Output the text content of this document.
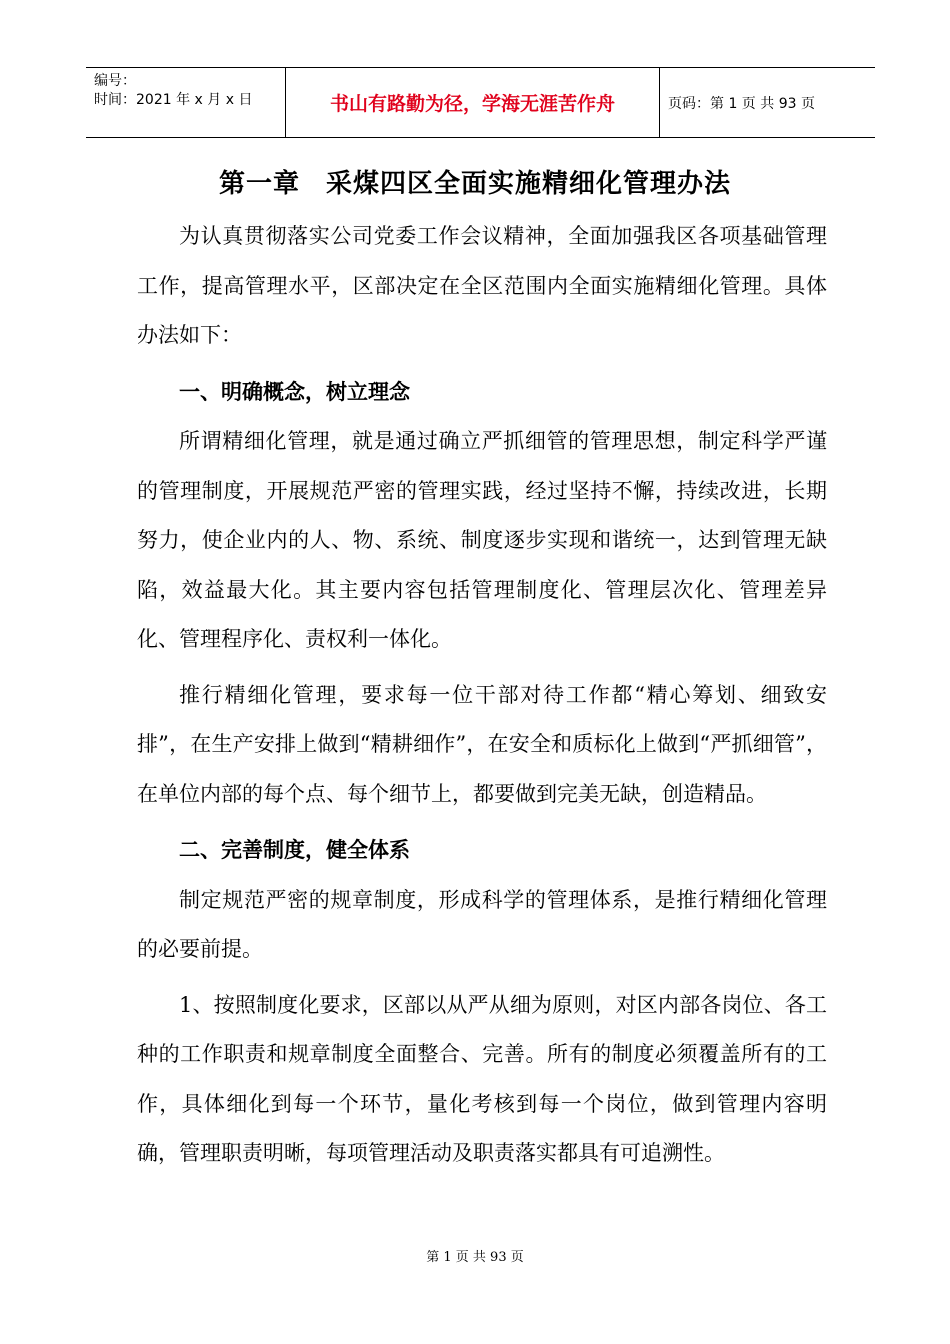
编号：
时间：2021 年 x 月 x 日	书山有路勤为径，学海无涯苦作舟	页码：第 1 页 共 93 页
第一章 采煤四区全面实施精细化管理办法

为认真贯彻落实公司党委工作会议精神，全面加强我区各项基础管理工作，提高管理水平，区部决定在全区范围内全面实施精细化管理。具体办法如下：

一、明确概念，树立理念

所谓精细化管理，就是通过确立严抓细管的管理思想，制定科学严谨的管理制度，开展规范严密的管理实践，经过坚持不懈，持续改进，长期努力，使企业内的人、物、系统、制度逐步实现和谐统一，达到管理无缺陷，效益最大化。其主要内容包括管理制度化、管理层次化、管理差异化、管理程序化、责权利一体化。

推行精细化管理，要求每一位干部对待工作都“精心筹划、细致安排”，在生产安排上做到“精耕细作”，在安全和质标化上做到“严抓细管”，在单位内部的每个点、每个细节上，都要做到完美无缺，创造精品。

二、完善制度，健全体系

制定规范严密的规章制度，形成科学的管理体系，是推行精细化管理的必要前提。

1、按照制度化要求，区部以从严从细为原则，对区内部各岗位、各工种的工作职责和规章制度全面整合、完善。所有的制度必须覆盖所有的工作，具体细化到每一个环节，量化考核到每一个岗位，做到管理内容明确，管理职责明晰，每项管理活动及职责落实都具有可追溯性。

第 1 页 共 93 页
